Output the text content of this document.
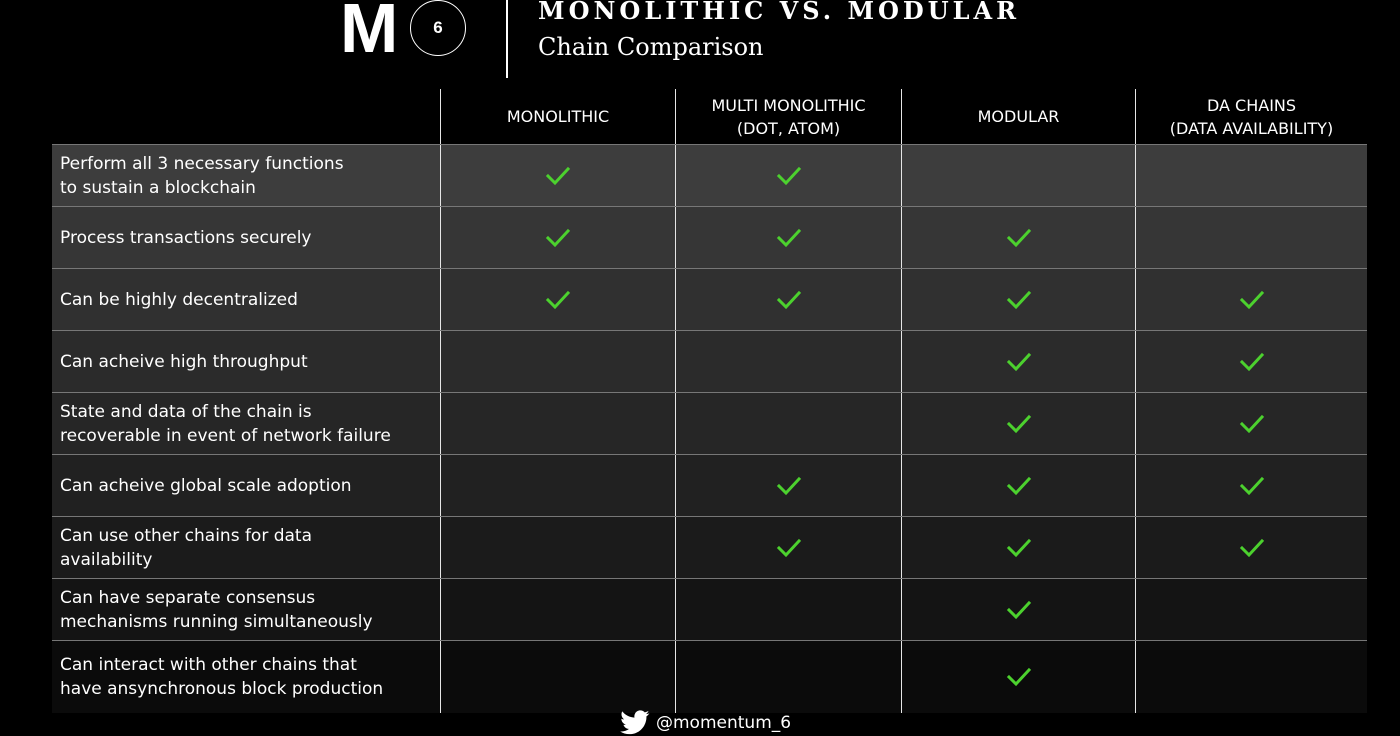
M 6
MONOLITHIC VS. MODULAR
Chain Comparison
MONOLITHIC
MULTI MONOLITHIC
(DOT, ATOM)
MODULAR
DA CHAINS
(DATA AVAILABILITY)
Perform all 3 necessary functions
to sustain a blockchain
Process transactions securely
Can be highly decentralized
Can acheive high throughput
State and data of the chain is
recoverable in event of network failure
Can acheive global scale adoption
Can use other chains for data
availability
Can have separate consensus
mechanisms running simultaneously
Can interact with other chains that
have ansynchronous block production
@momentum_6
